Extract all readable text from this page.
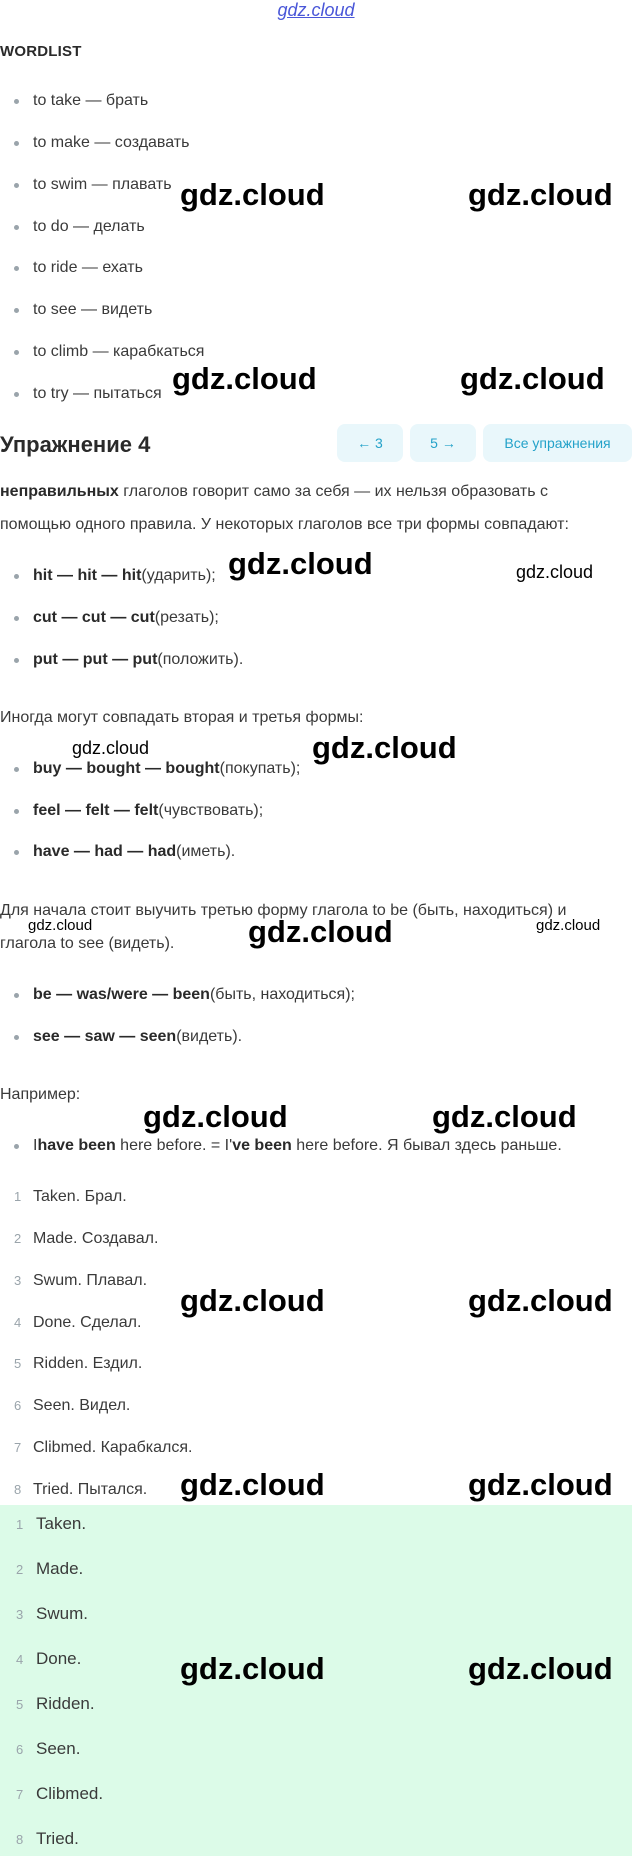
gdz.cloud
WORDLIST
to take — брать
to make — создавать
to swim — плавать
to do — делать
to ride — ехать
to see — видеть
to climb — карабкаться
to try — пытаться
Упражнение 4	← 3	5 →	Все упражнения
неправильных глаголов говорит само за себя — их нельзя образовать с
помощью одного правила. У некоторых глаголов все три формы совпадают:
hit — hit — hit (ударить);
cut — cut — cut (резать);
put — put — put (положить).
Иногда могут совпадать вторая и третья формы:
buy — bought — bought (покупать);
feel — felt — felt (чувствовать);
have — had — had (иметь).
Для начала стоит выучить третью форму глагола to be (быть, находиться) и
глагола to see (видеть).
be — was/were — been (быть, находиться);
see — saw — seen (видеть).
Например:
I have been here before. = I' ve been here before. Я бывал здесь раньше.
1 Taken. Брал.
2 Made. Создавал.
3 Swum. Плавал.
4 Done. Сделал.
5 Ridden. Ездил.
6 Seen. Видел.
7 Clibmed. Карабкался.
8 Tried. Пытался.
1 Taken.
2 Made.
3 Swum.
4 Done.
5 Ridden.
6 Seen.
7 Clibmed.
8 Tried.
gdz.cloud	gdz.cloud
gdz.cloud	gdz.cloud
gdz.cloud	gdz.cloud
gdz.cloud	gdz.cloud
gdz.cloud	gdz.cloud	gdz.cloud
gdz.cloud	gdz.cloud
gdz.cloud	gdz.cloud
gdz.cloud	gdz.cloud
gdz.cloud	gdz.cloud
